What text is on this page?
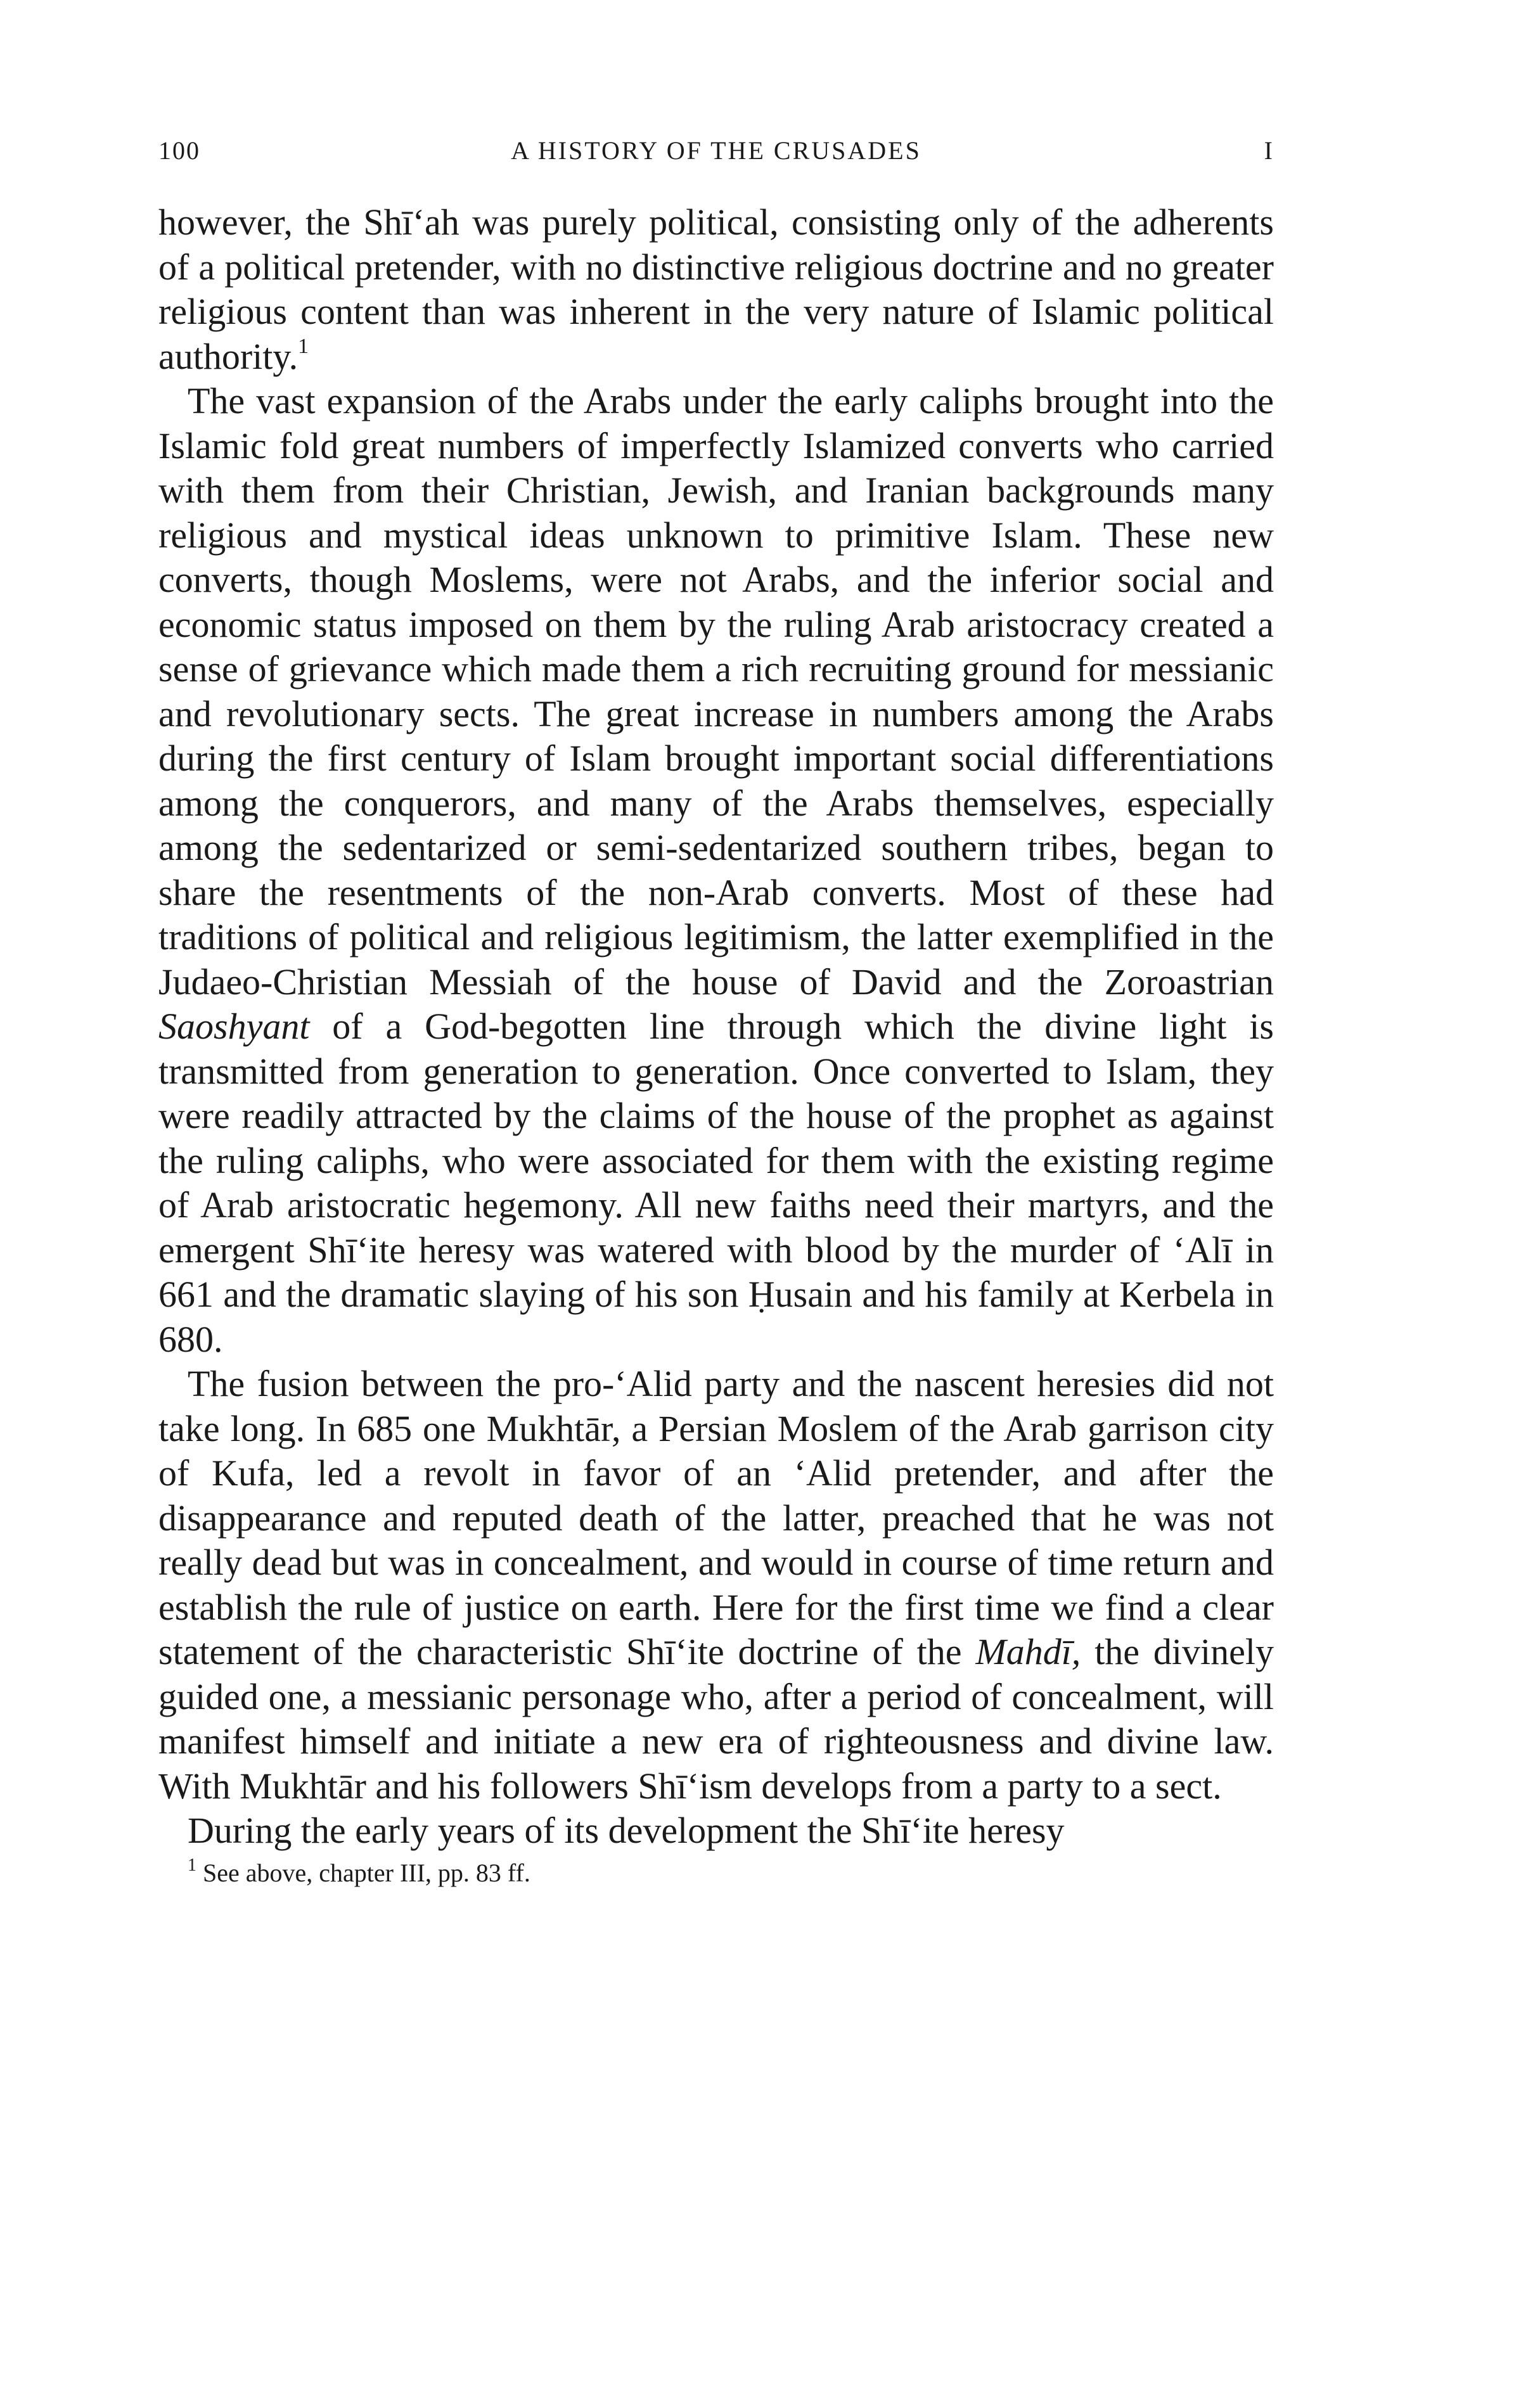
100	A HISTORY OF THE CRUSADES	I

however, the Shī‘ah was purely political, consisting only of the adherents of a political pretender, with no distinctive religious doctrine and no greater religious content than was inherent in the very nature of Islamic political authority.$^1$

The vast expansion of the Arabs under the early caliphs brought into the Islamic fold great numbers of imperfectly Islamized converts who carried with them from their Christian, Jewish, and Iranian backgrounds many religious and mystical ideas unknown to primitive Islam. These new converts, though Moslems, were not Arabs, and the inferior social and economic status imposed on them by the ruling Arab aristocracy created a sense of grievance which made them a rich recruiting ground for messianic and revolutionary sects. The great increase in numbers among the Arabs during the first century of Islam brought important social differentiations among the conquerors, and many of the Arabs themselves, especially among the sedentarized or semi-sedentarized southern tribes, began to share the resentments of the non-Arab converts. Most of these had traditions of political and religious legitimism, the latter exemplified in the Judaeo-Christian Messiah of the house of David and the Zoroastrian Saoshyant of a God-begotten line through which the divine light is transmitted from generation to generation. Once converted to Islam, they were readily attracted by the claims of the house of the prophet as against the ruling caliphs, who were associated for them with the existing regime of Arab aristocratic hegemony. All new faiths need their martyrs, and the emergent Shī‘ite heresy was watered with blood by the murder of ‘Alī in 661 and the dramatic slaying of his son Ḥusain and his family at Kerbela in 680.

The fusion between the pro-‘Alid party and the nascent heresies did not take long. In 685 one Mukhtār, a Persian Moslem of the Arab garrison city of Kufa, led a revolt in favor of an ‘Alid pretender, and after the disappearance and reputed death of the latter, preached that he was not really dead but was in concealment, and would in course of time return and establish the rule of justice on earth. Here for the first time we find a clear statement of the characteristic Shī‘ite doctrine of the Mahdī, the divinely guided one, a messianic personage who, after a period of concealment, will manifest himself and initiate a new era of righteousness and divine law. With Mukhtār and his followers Shī‘ism develops from a party to a sect.

During the early years of its development the Shī‘ite heresy

$^1$ See above, chapter III, pp. 83 ff.
